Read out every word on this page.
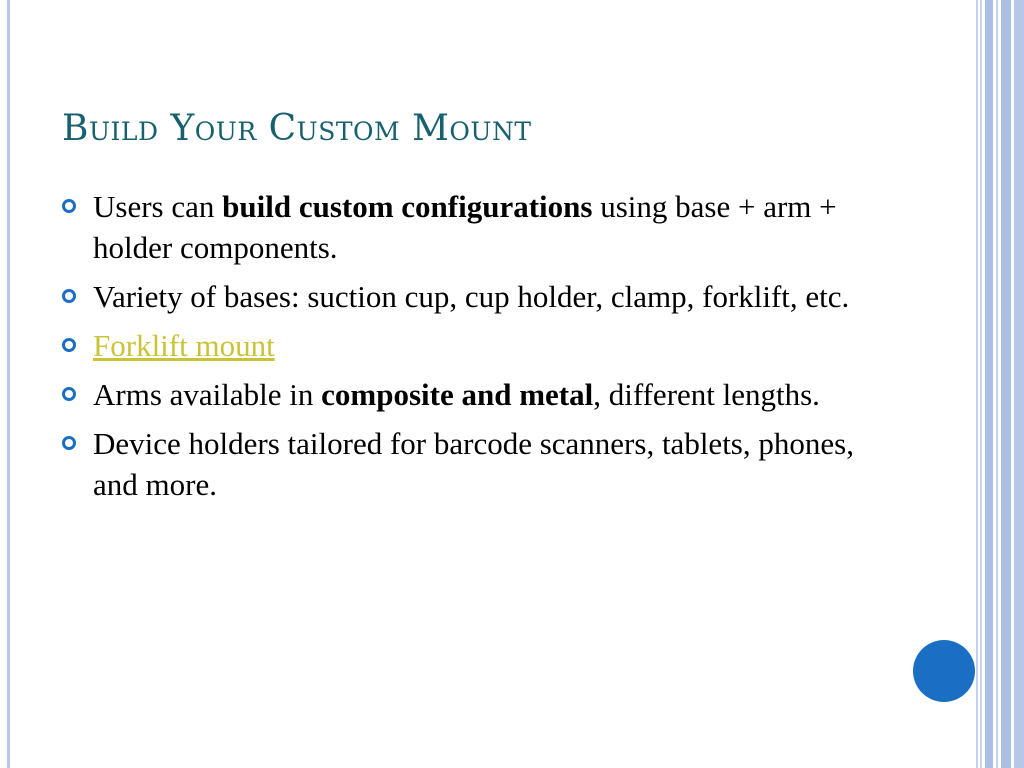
Build Your Custom Mount
Users can build custom configurations using base + arm + holder components.
Variety of bases: suction cup, cup holder, clamp, forklift, etc.
Forklift mount
Arms available in composite and metal, different lengths.
Device holders tailored for barcode scanners, tablets, phones, and more.
